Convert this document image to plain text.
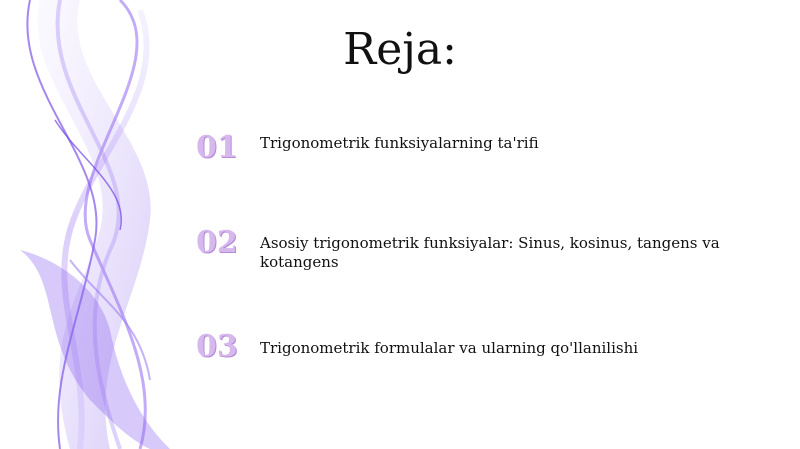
Reja:
01	Trigonometrik funksiyalarning ta'rifi
02	Asosiy trigonometrik funksiyalar: Sinus, kosinus, tangens va kotangens
03	Trigonometrik formulalar va ularning qo'llanilishi
